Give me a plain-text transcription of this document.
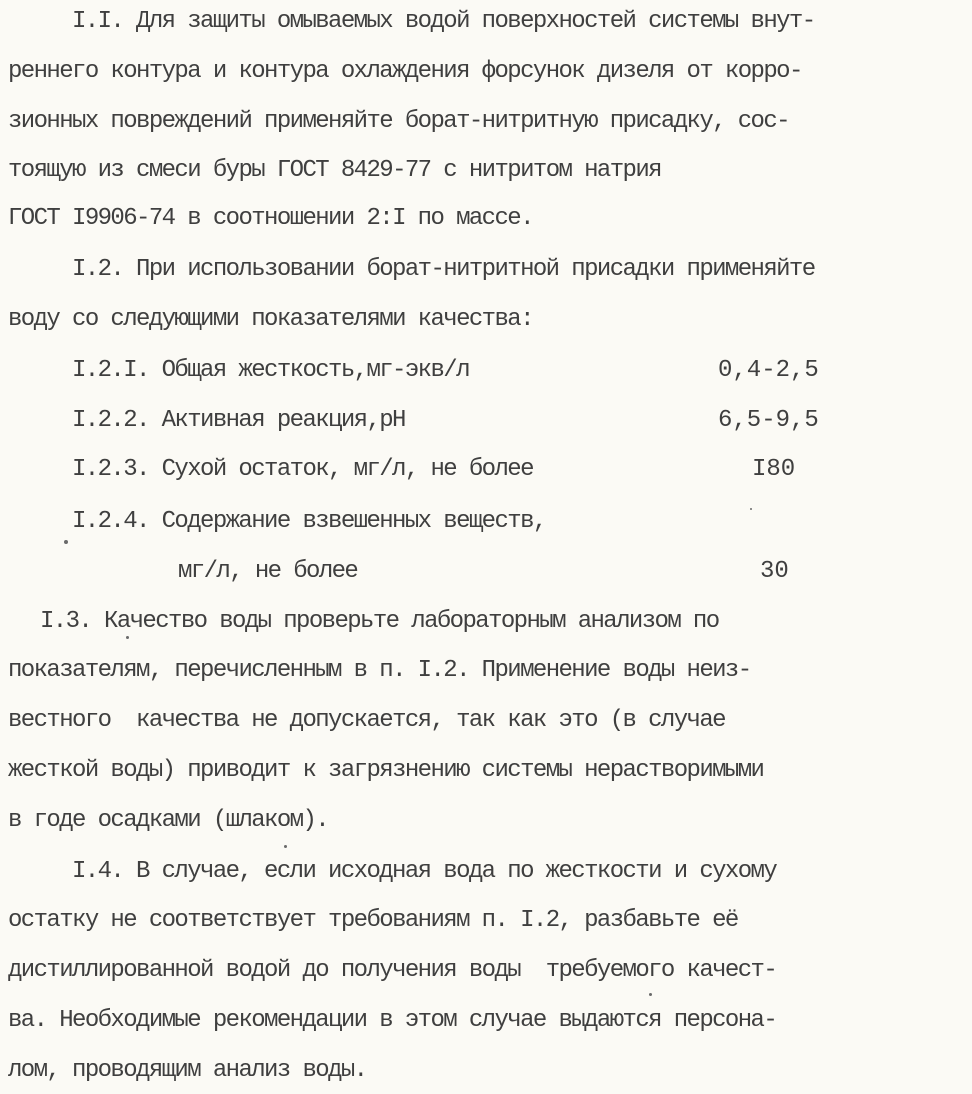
I.I. Для защиты омываемых водой поверхностей системы внут-
реннего контура и контура охлаждения форсунок дизеля от корро-
зионных повреждений применяйте борат-нитритную присадку, сос-
тоящую из смеси буры ГОСТ 8429-77 с нитритом натрия
ГОСТ I9906-74 в соотношении 2:I по массе.
I.2. При использовании борат-нитритной присадки применяйте
воду со следующими показателями качества:
I.2.I. Общая жесткость,мг-экв/л	0,4-2,5
I.2.2. Активная реакция,pH	6,5-9,5
I.2.3. Сухой остаток, мг/л, не более	I80
I.2.4. Содержание взвешенных веществ,
мг/л, не более	30
I.3. Качество воды проверьте лабораторным анализом по
показателям, перечисленным в п. I.2. Применение воды неиз-
вестного  качества не допускается, так как это (в случае
жесткой воды) приводит к загрязнению системы нерастворимыми
в годе осадками (шлаком).
I.4. В случае, если исходная вода по жесткости и сухому
остатку не соответствует требованиям п. I.2, разбавьте её
дистиллированной водой до получения воды  требуемого качест-
ва. Необходимые рекомендации в этом случае выдаются персона-
лом, проводящим анализ воды.
